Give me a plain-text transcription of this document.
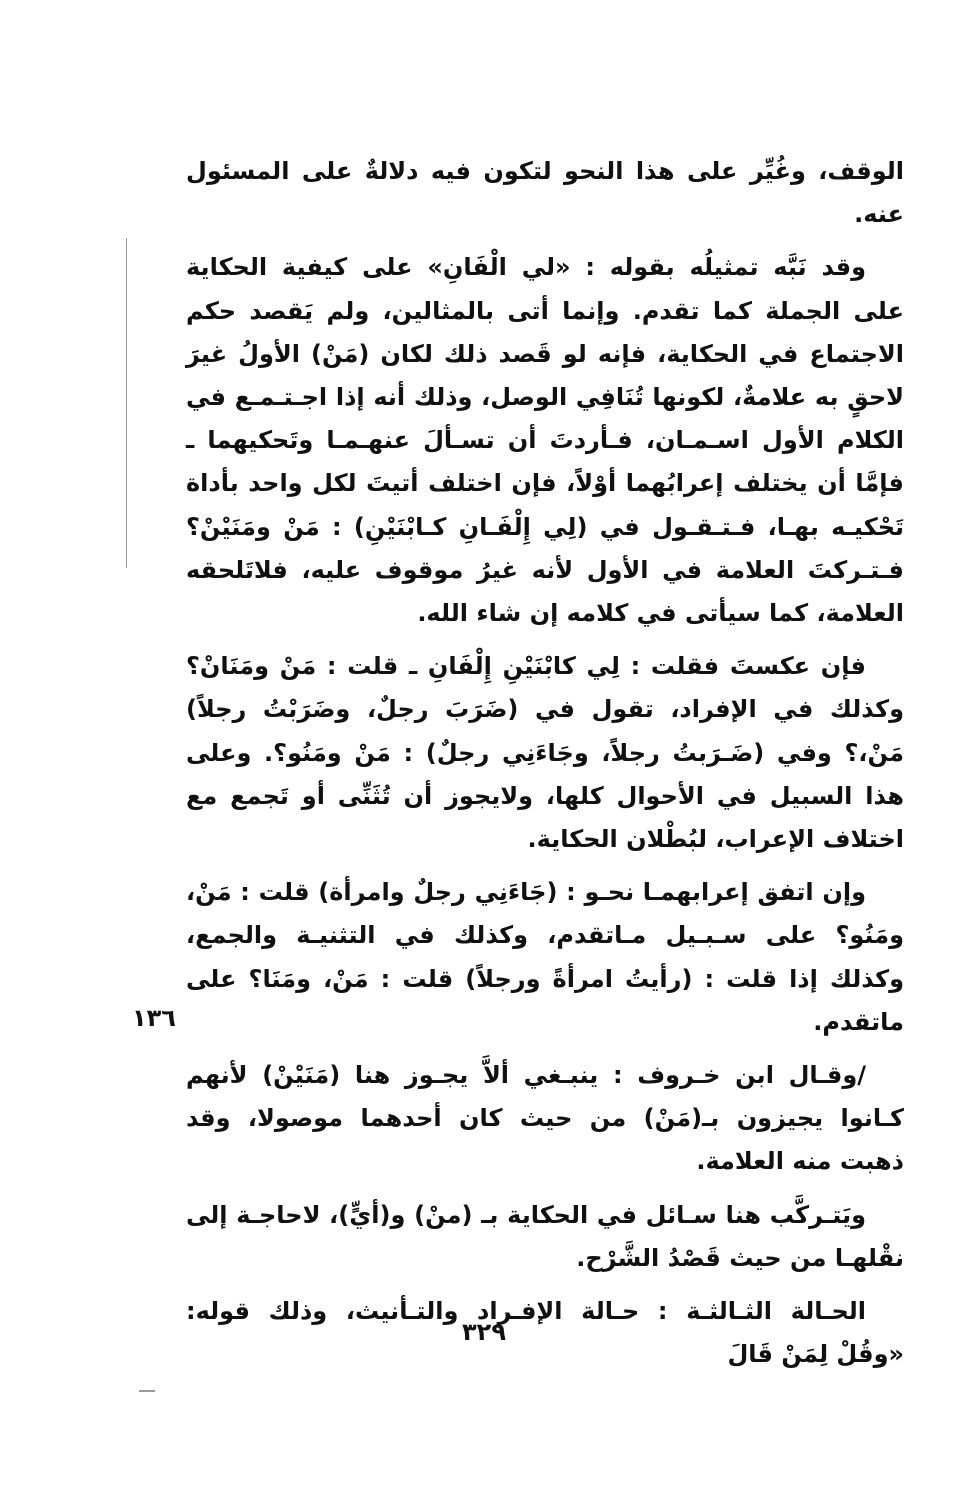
الوقف، وغُيِّر على هذا النحو لتكون فيه دلالةٌ على المسئول عنه.

وقد نَبَّه تمثيلُه بقوله : «لي الْفَانِ» على كيفية الحكاية على الجملة كما تقدم. وإنما أتى بالمثالين، ولم يَقصد حكم الاجتماع في الحكاية، فإنه لو قَصد ذلك لكان (مَنْ) الأولُ غيرَ لاحقٍ به علامةٌ، لكونها تُنَافِي الوصل، وذلك أنه إذا اجـتـمـع في الكلام الأول اسـمـان، فـأردتَ أن تسـألَ عنهـمـا وتَحكيهما ـ فإمَّا أن يختلف إعرابُهما أوْلاً، فإن اختلف أتيتَ لكل واحد بأداة تَحْكيـه بهـا، فـتـقـول في (لِي إِلْفَـانِ كـابْنَيْنِ) : مَنْ ومَنَيْنْ؟ فـتـركتَ العلامة في الأول لأنه غيرُ موقوف عليه، فلاتَلحقه العلامة، كما سيأتى في كلامه إن شاء الله.

فإن عكستَ فقلت : لِي كابْنَيْنِ إِلْفَانِ ـ قلت : مَنْ ومَنَانْ؟ وكذلك في الإفراد، تقول في (ضَرَبَ رجلٌ، وضَرَبْتُ رجلاً) مَنْ،؟ وفي (ضَـرَبتُ رجلاً، وجَاءَنِي رجلٌ) : مَنْ ومَنُو؟. وعلى هذا السبيل في الأحوال كلها، ولايجوز أن تُثَنِّى أو تَجمع مع اختلاف الإعراب، لبُطْلان الحكاية.

وإن اتفق إعرابهمـا نحـو : (جَاءَنِي رجلٌ وامرأة) قلت : مَنْ، ومَنُو؟ على سـبـيل مـاتقدم، وكذلك في التثنيـة والجمع، وكذلك إذا قلت : (رأيتُ امرأةً ورجلاً) قلت : مَنْ، ومَنَا؟ على ماتقدم.

/وقـال ابن خـروف : ينبـغي ألاَّ يجـوز هنا (مَنَيْنْ) لأنهم كـانوا يجيزون بـ(مَنْ) من حيث كان أحدهما موصولا، وقد ذهبت منه العلامة.

ويَتـركَّب هنا سـائل في الحكاية بـ (منْ) و(أيٍّ)، لاحاجـة إلى نقْلهـا من حيث قَصْدُ الشَّرْح.

الحـالة الثـالثـة : حـالة الإفـراد والتـأنيث، وذلك قوله: «وقُلْ لِمَنْ قَالَ

١٣٦
٣٢٩
